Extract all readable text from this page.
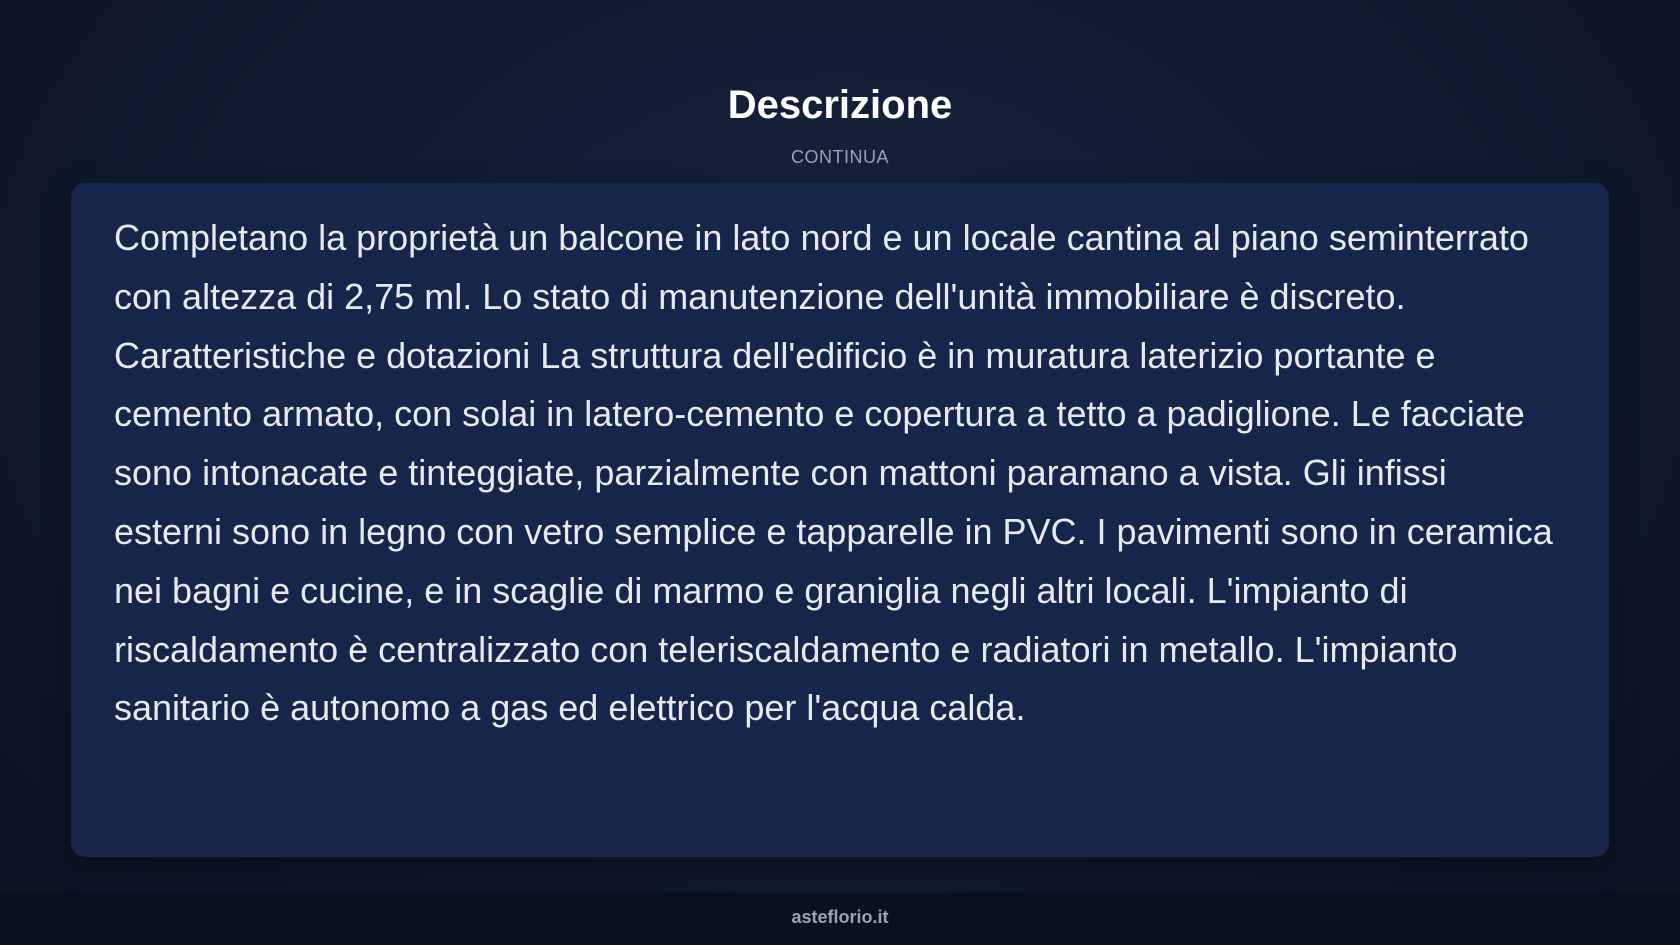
Descrizione
CONTINUA

Completano la proprietà un balcone in lato nord e un locale cantina al piano seminterrato con altezza di 2,75 ml. Lo stato di manutenzione dell'unità immobiliare è discreto. Caratteristiche e dotazioni La struttura dell'edificio è in muratura laterizio portante e cemento armato, con solai in latero-cemento e copertura a tetto a padiglione. Le facciate sono intonacate e tinteggiate, parzialmente con mattoni paramano a vista. Gli infissi esterni sono in legno con vetro semplice e tapparelle in PVC. I pavimenti sono in ceramica nei bagni e cucine, e in scaglie di marmo e graniglia negli altri locali. L'impianto di riscaldamento è centralizzato con teleriscaldamento e radiatori in metallo. L'impianto sanitario è autonomo a gas ed elettrico per l'acqua calda.

asteflorio.it
